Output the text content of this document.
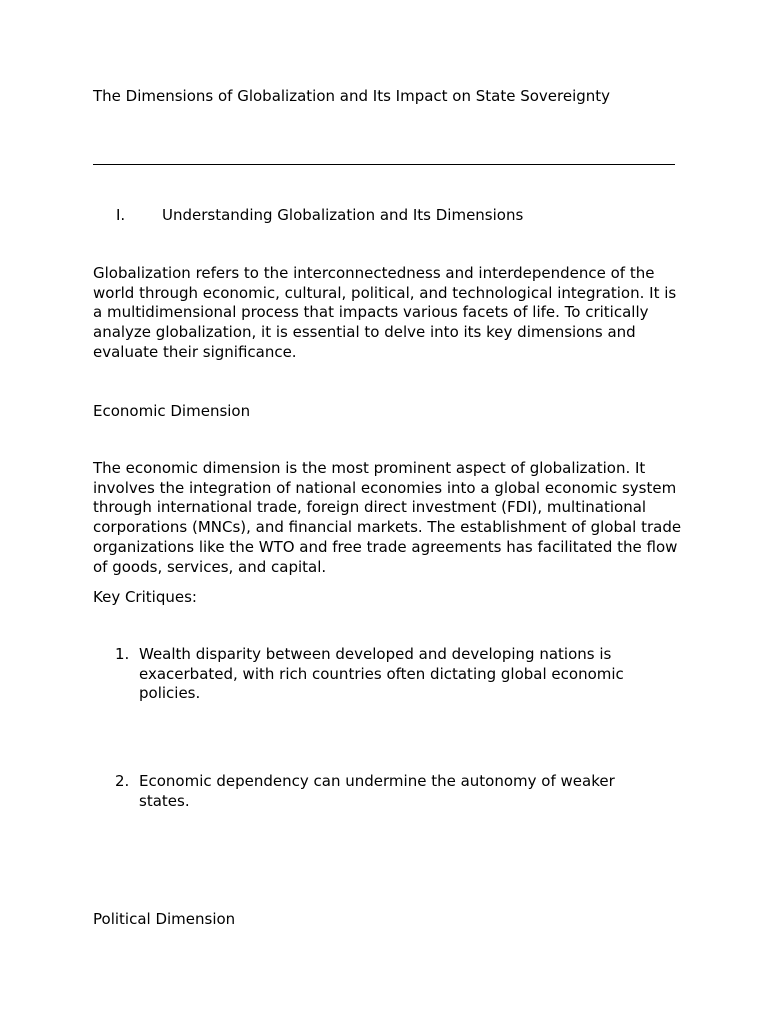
The Dimensions of Globalization and Its Impact on State Sovereignty
I. Understanding Globalization and Its Dimensions

Globalization refers to the interconnectedness and interdependence of the world through economic, cultural, political, and technological integration. It is a multidimensional process that impacts various facets of life. To critically analyze globalization, it is essential to delve into its key dimensions and evaluate their significance.

Economic Dimension

The economic dimension is the most prominent aspect of globalization. It involves the integration of national economies into a global economic system through international trade, foreign direct investment (FDI), multinational corporations (MNCs), and financial markets. The establishment of global trade organizations like the WTO and free trade agreements has facilitated the flow of goods, services, and capital.

Key Critiques:
1. Wealth disparity between developed and developing nations is exacerbated, with rich countries often dictating global economic policies.
2. Economic dependency can undermine the autonomy of weaker states.
Political Dimension
